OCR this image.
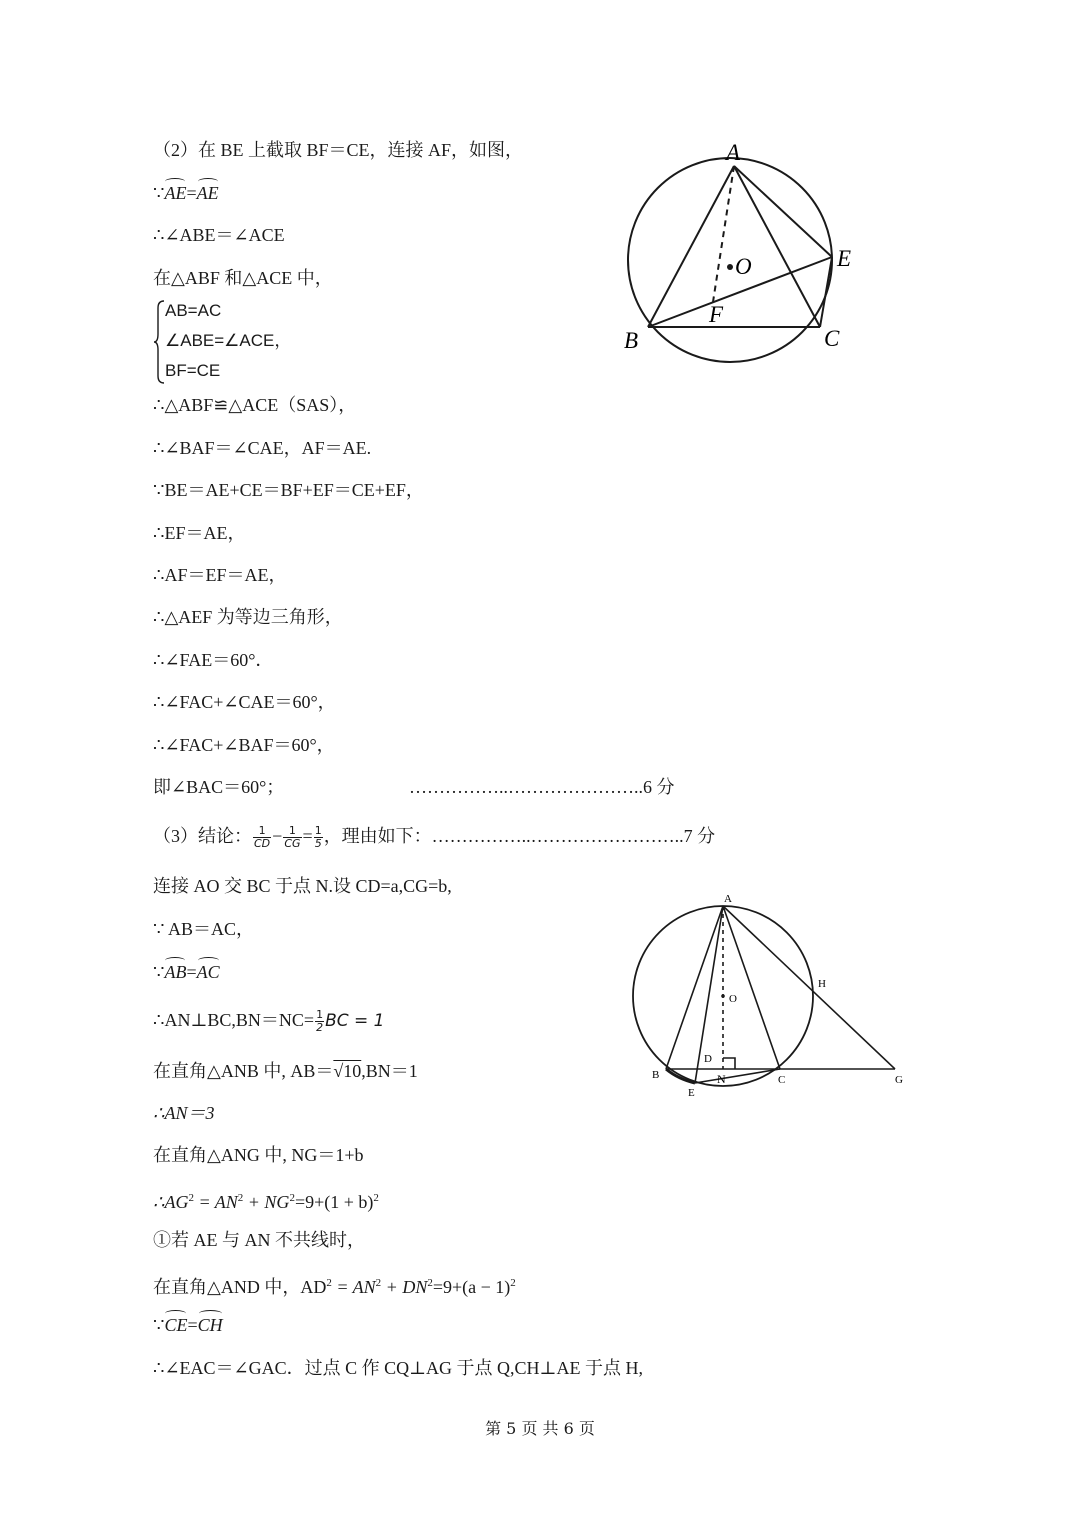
（2）在 BE 上截取 BF＝CE，连接 AF，如图，
∵AE=AE
∴∠ABE＝∠ACE
在△ABF 和△ACE 中，
AB=AC
∠ABE=∠ACE，
BF=CE
∴△ABF≌△ACE（SAS），
∴∠BAF＝∠CAE，AF＝AE.
∵BE＝AE+CE＝BF+EF＝CE+EF，
∴EF＝AE，
∴AF＝EF＝AE，
∴△AEF 为等边三角形，
∴∠FAE＝60°．
∴∠FAC+∠CAE＝60°，
∴∠FAC+∠BAF＝60°，
即∠BAC＝60°；	……………..…………………..6 分
（3）结论： $\frac{1}{CD} - \frac{1}{CG} = \frac{1}{5}$ ，理由如下：……………..……………………..7 分
连接 AO 交 BC 于点 N.设 CD=a,CG=b,
∵ AB＝AC，
∵AB=AC
∴AN⊥BC,BN＝NC= $\frac{1}{2}$ BC = 1
在直角△ANB 中, AB＝√10,BN＝1
∴AN＝3
在直角△ANG 中, NG＝1+b
$\therefore AG^2 = AN^2 + NG^2=9+(1 + b)^2$
①若 AE 与 AN 不共线时，
在直角△AND 中，$AD^2 = AN^2 + DN^2=9+(a - 1)^2$
∵CE=CH
∴∠EAC＝∠GAC．过点 C 作 CQ⊥AG 于点 Q,CH⊥AE 于点 H,
A
B	C
E
F
O
A
B	C
D
E
G
H
N
O
第 5 页 共 6 页
